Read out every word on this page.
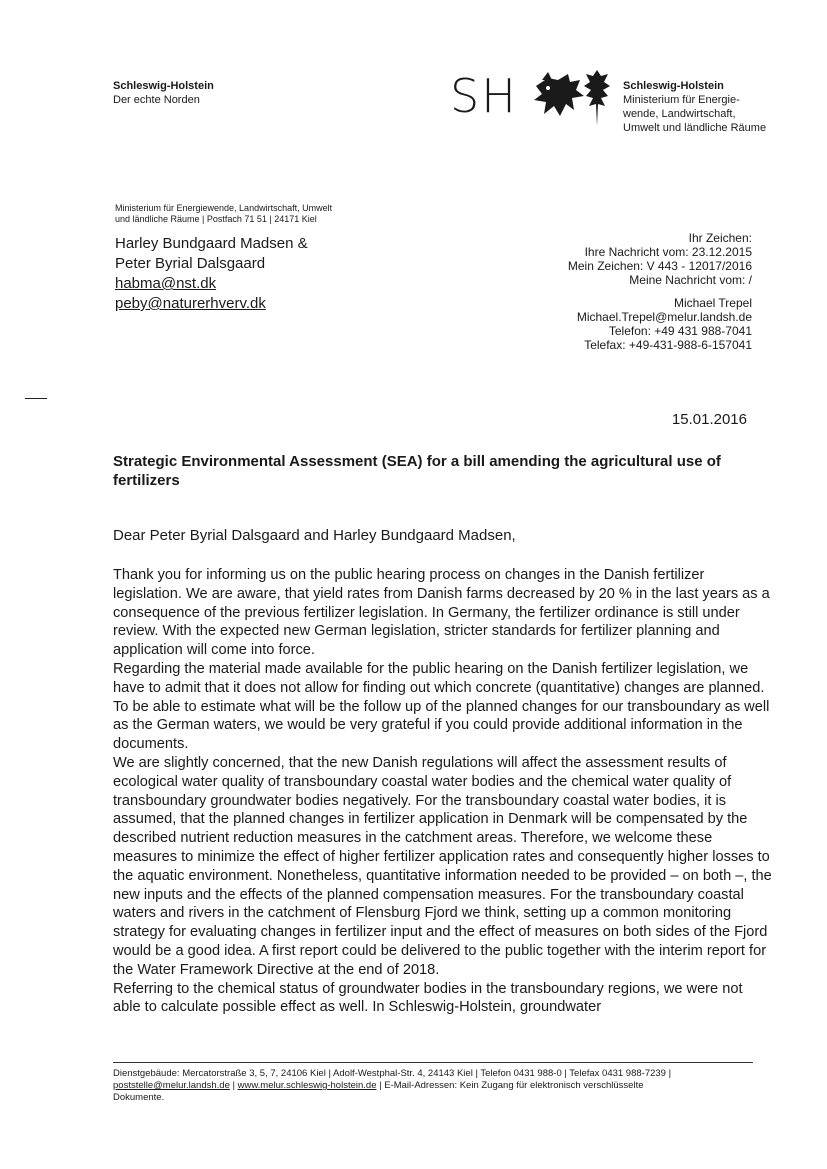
Schleswig-Holstein
Der echte Norden	SH	Schleswig-Holstein
Ministerium für Energie-
wende, Landwirtschaft,
Umwelt und ländliche Räume
Ministerium für Energiewende, Landwirtschaft, Umwelt
und ländliche Räume | Postfach 71 51 | 24171 Kiel
Harley Bundgaard Madsen &
Peter Byrial Dalsgaard
habma@nst.dk
peby@naturerhverv.dk
Ihr Zeichen:
Ihre Nachricht vom: 23.12.2015
Mein Zeichen: V 443 - 12017/2016
Meine Nachricht vom: /
Michael Trepel
Michael.Trepel@melur.landsh.de
Telefon: +49 431 988-7041
Telefax: +49-431-988-6-157041
15.01.2016
Strategic Environmental Assessment (SEA) for a bill amending the agricultural use of fertilizers
Dear Peter Byrial Dalsgaard and Harley Bundgaard Madsen,

Thank you for informing us on the public hearing process on changes in the Danish fertilizer legislation. We are aware, that yield rates from Danish farms decreased by 20 % in the last years as a consequence of the previous fertilizer legislation. In Germany, the fertilizer ordinance is still under review. With the expected new German legislation, stricter standards for fertilizer planning and application will come into force.

Regarding the material made available for the public hearing on the Danish fertilizer legislation, we have to admit that it does not allow for finding out which concrete (quantitative) changes are planned. To be able to estimate what will be the follow up of the planned changes for our transboundary as well as the German waters, we would be very grateful if you could provide additional information in the documents.

We are slightly concerned, that the new Danish regulations will affect the assessment results of ecological water quality of transboundary coastal water bodies and the chemical water quality of transboundary groundwater bodies negatively. For the transboundary coastal water bodies, it is assumed, that the planned changes in fertilizer application in Denmark will be compensated by the described nutrient reduction measures in the catchment areas. Therefore, we welcome these measures to minimize the effect of higher fertilizer application rates and consequently higher losses to the aquatic environment. Nonetheless, quantitative information needed to be provided – on both –, the new inputs and the effects of the planned compensation measures. For the transboundary coastal waters and rivers in the catchment of Flensburg Fjord we think, setting up a common monitoring strategy for evaluating changes in fertilizer input and the effect of measures on both sides of the Fjord would be a good idea. A first report could be delivered to the public together with the interim report for the Water Framework Directive at the end of 2018.

Referring to the chemical status of groundwater bodies in the transboundary regions, we were not able to calculate possible effect as well. In Schleswig-Holstein, groundwater

Dienstgebäude: Mercatorstraße 3, 5, 7, 24106 Kiel | Adolf-Westphal-Str. 4, 24143 Kiel | Telefon 0431 988-0 | Telefax 0431 988-7239 |
poststelle@melur.landsh.de | www.melur.schleswig-holstein.de | E-Mail-Adressen: Kein Zugang für elektronisch verschlüsselte
Dokumente.
